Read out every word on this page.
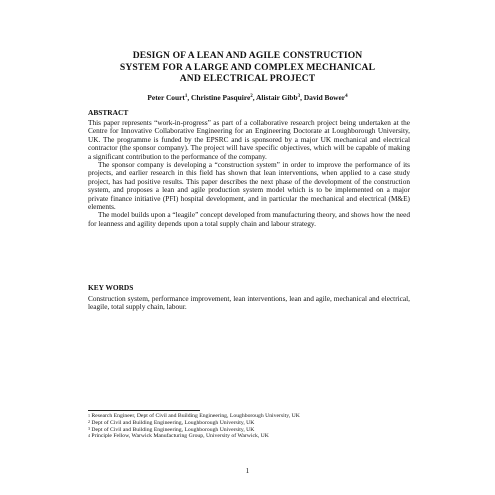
DESIGN OF A LEAN AND AGILE CONSTRUCTION
SYSTEM FOR A LARGE AND COMPLEX MECHANICAL
AND ELECTRICAL PROJECT
Peter Court$^1$, Christine Pasquire$^2$, Alistair Gibb$^3$, David Bower$^4$
ABSTRACT

This paper represents “work-in-progress” as part of a collaborative research project being undertaken at the Centre for Innovative Collaborative Engineering for an Engineering Doctorate at Loughborough University, UK. The programme is funded by the EPSRC and is sponsored by a major UK mechanical and electrical contractor (the sponsor company). The project will have specific objectives, which will be capable of making a significant contribution to the performance of the company.

The sponsor company is developing a “construction system” in order to improve the performance of its projects, and earlier research in this field has shown that lean interventions, when applied to a case study project, has had positive results. This paper describes the next phase of the development of the construction system, and proposes a lean and agile production system model which is to be implemented on a major private finance initiative (PFI) hospital development, and in particular the mechanical and electrical (M&E) elements.

The model builds upon a “leagile” concept developed from manufacturing theory, and shows how the need for leanness and agility depends upon a total supply chain and labour strategy.

KEY WORDS

Construction system, performance improvement, lean interventions, lean and agile, mechanical and electrical, leagile, total supply chain, labour.

$^1$ Research Engineer, Dept of Civil and Building Engineering, Loughborough University, UK
$^2$ Dept of Civil and Building Engineering, Loughborough University, UK
$^3$ Dept of Civil and Building Engineering, Loughborough University, UK
$^4$ Principle Fellow, Warwick Manufacturing Group, University of Warwick, UK
1
